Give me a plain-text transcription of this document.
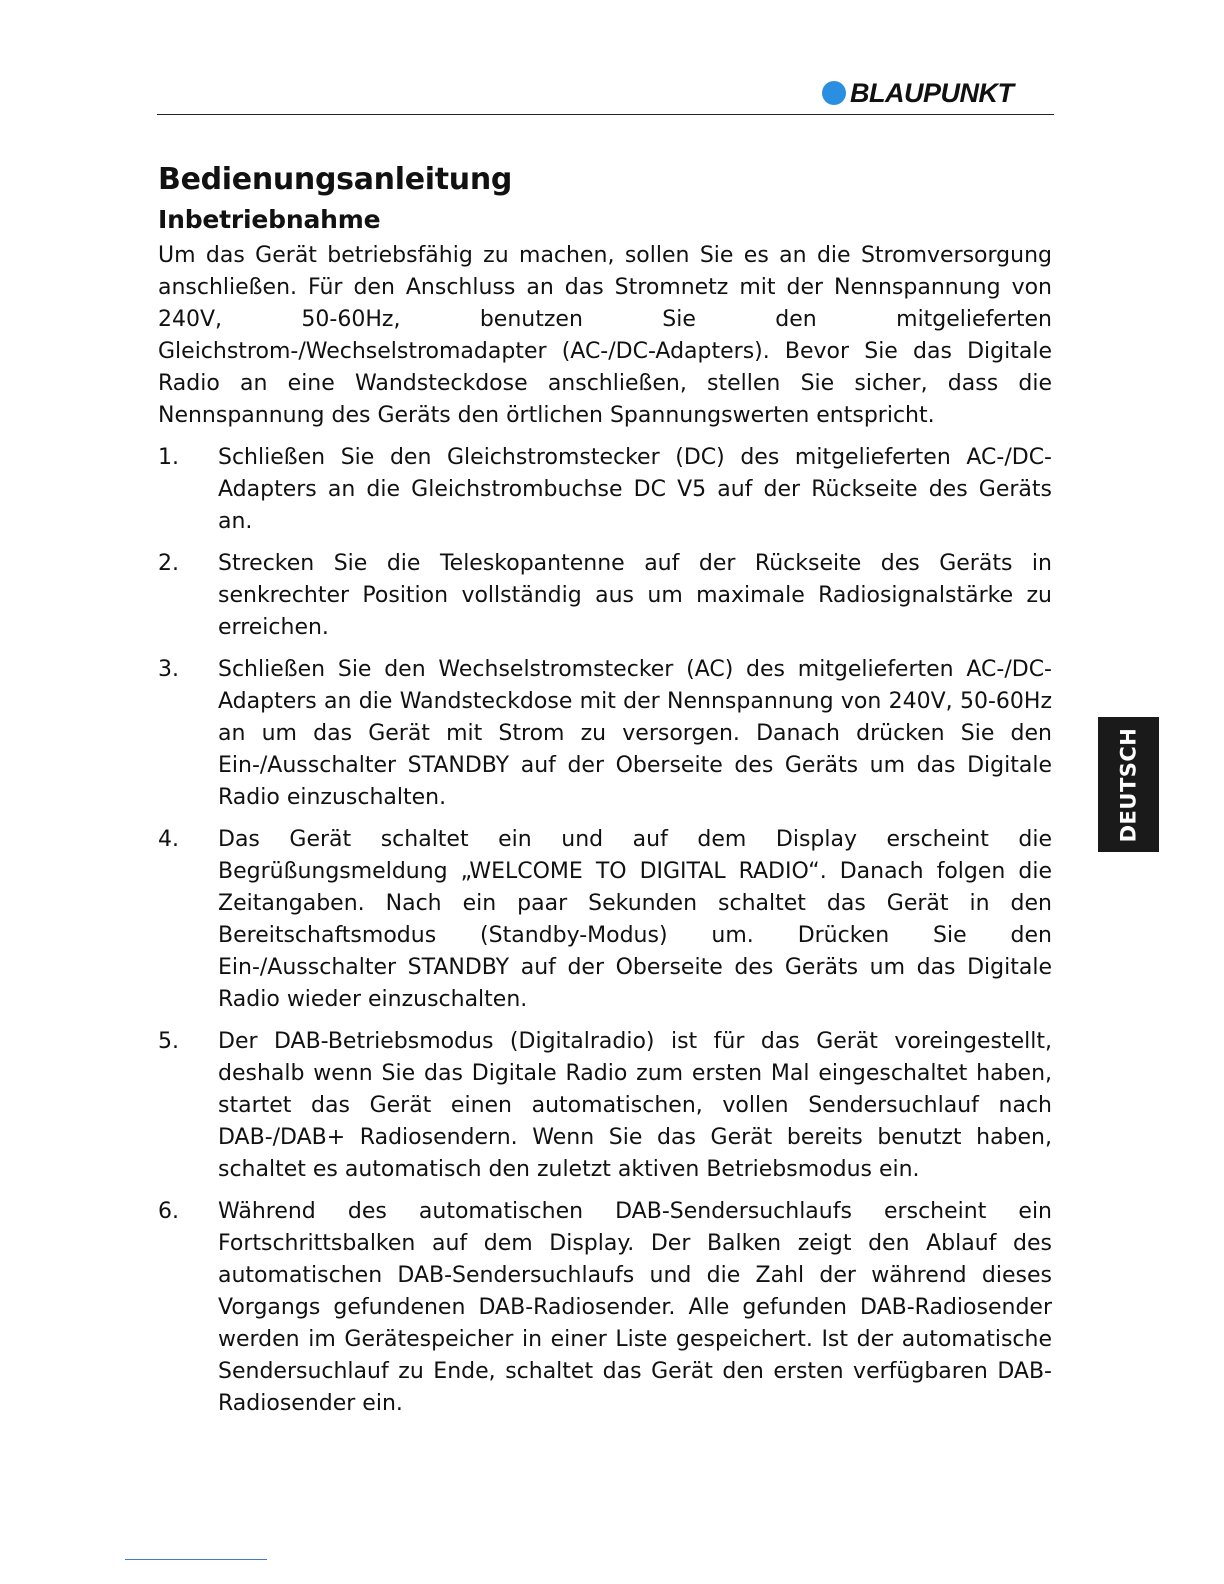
BLAUPUNKT
Bedienungsanleitung
Inbetriebnahme

Um das Gerät betriebsfähig zu machen, sollen Sie es an die Stromversorgung anschließen. Für den Anschluss an das Stromnetz mit der Nennspannung von 240V, 50-60Hz, benutzen Sie den mitgelieferten Gleichstrom-/Wechselstromadapter (AC-/DC-Adapters). Bevor Sie das Digitale Radio an eine Wandsteckdose anschließen, stellen Sie sicher, dass die Nennspannung des Geräts den örtlichen Spannungswerten entspricht.

1. Schließen Sie den Gleichstromstecker (DC) des mitgelieferten AC-/DC-Adapters an die Gleichstrombuchse DC V5 auf der Rückseite des Geräts an.
2. Strecken Sie die Teleskopantenne auf der Rückseite des Geräts in senkrechter Position vollständig aus um maximale Radiosignalstärke zu erreichen.
3. Schließen Sie den Wechselstromstecker (AC) des mitgelieferten AC-/DC-Adapters an die Wandsteckdose mit der Nennspannung von 240V, 50-60Hz an um das Gerät mit Strom zu versorgen. Danach drücken Sie den Ein-/Ausschalter STANDBY auf der Oberseite des Geräts um das Digitale Radio einzuschalten.
4. Das Gerät schaltet ein und auf dem Display erscheint die Begrüßungsmeldung „WELCOME TO DIGITAL RADIO“. Danach folgen die Zeitangaben. Nach ein paar Sekunden schaltet das Gerät in den Bereitschaftsmodus (Standby-Modus) um. Drücken Sie den Ein-/Ausschalter STANDBY auf der Oberseite des Geräts um das Digitale Radio wieder einzuschalten.
5. Der DAB-Betriebsmodus (Digitalradio) ist für das Gerät voreingestellt, deshalb wenn Sie das Digitale Radio zum ersten Mal eingeschaltet haben, startet das Gerät einen automatischen, vollen Sendersuchlauf nach DAB-/DAB+ Radiosendern. Wenn Sie das Gerät bereits benutzt haben, schaltet es automatisch den zuletzt aktiven Betriebsmodus ein.
6. Während des automatischen DAB-Sendersuchlaufs erscheint ein Fortschrittsbalken auf dem Display. Der Balken zeigt den Ablauf des automatischen DAB-Sendersuchlaufs und die Zahl der während dieses Vorgangs gefundenen DAB-Radiosender. Alle gefunden DAB-Radiosender werden im Gerätespeicher in einer Liste gespeichert. Ist der automatische Sendersuchlauf zu Ende, schaltet das Gerät den ersten verfügbaren DAB-Radiosender ein.
DEUTSCH
